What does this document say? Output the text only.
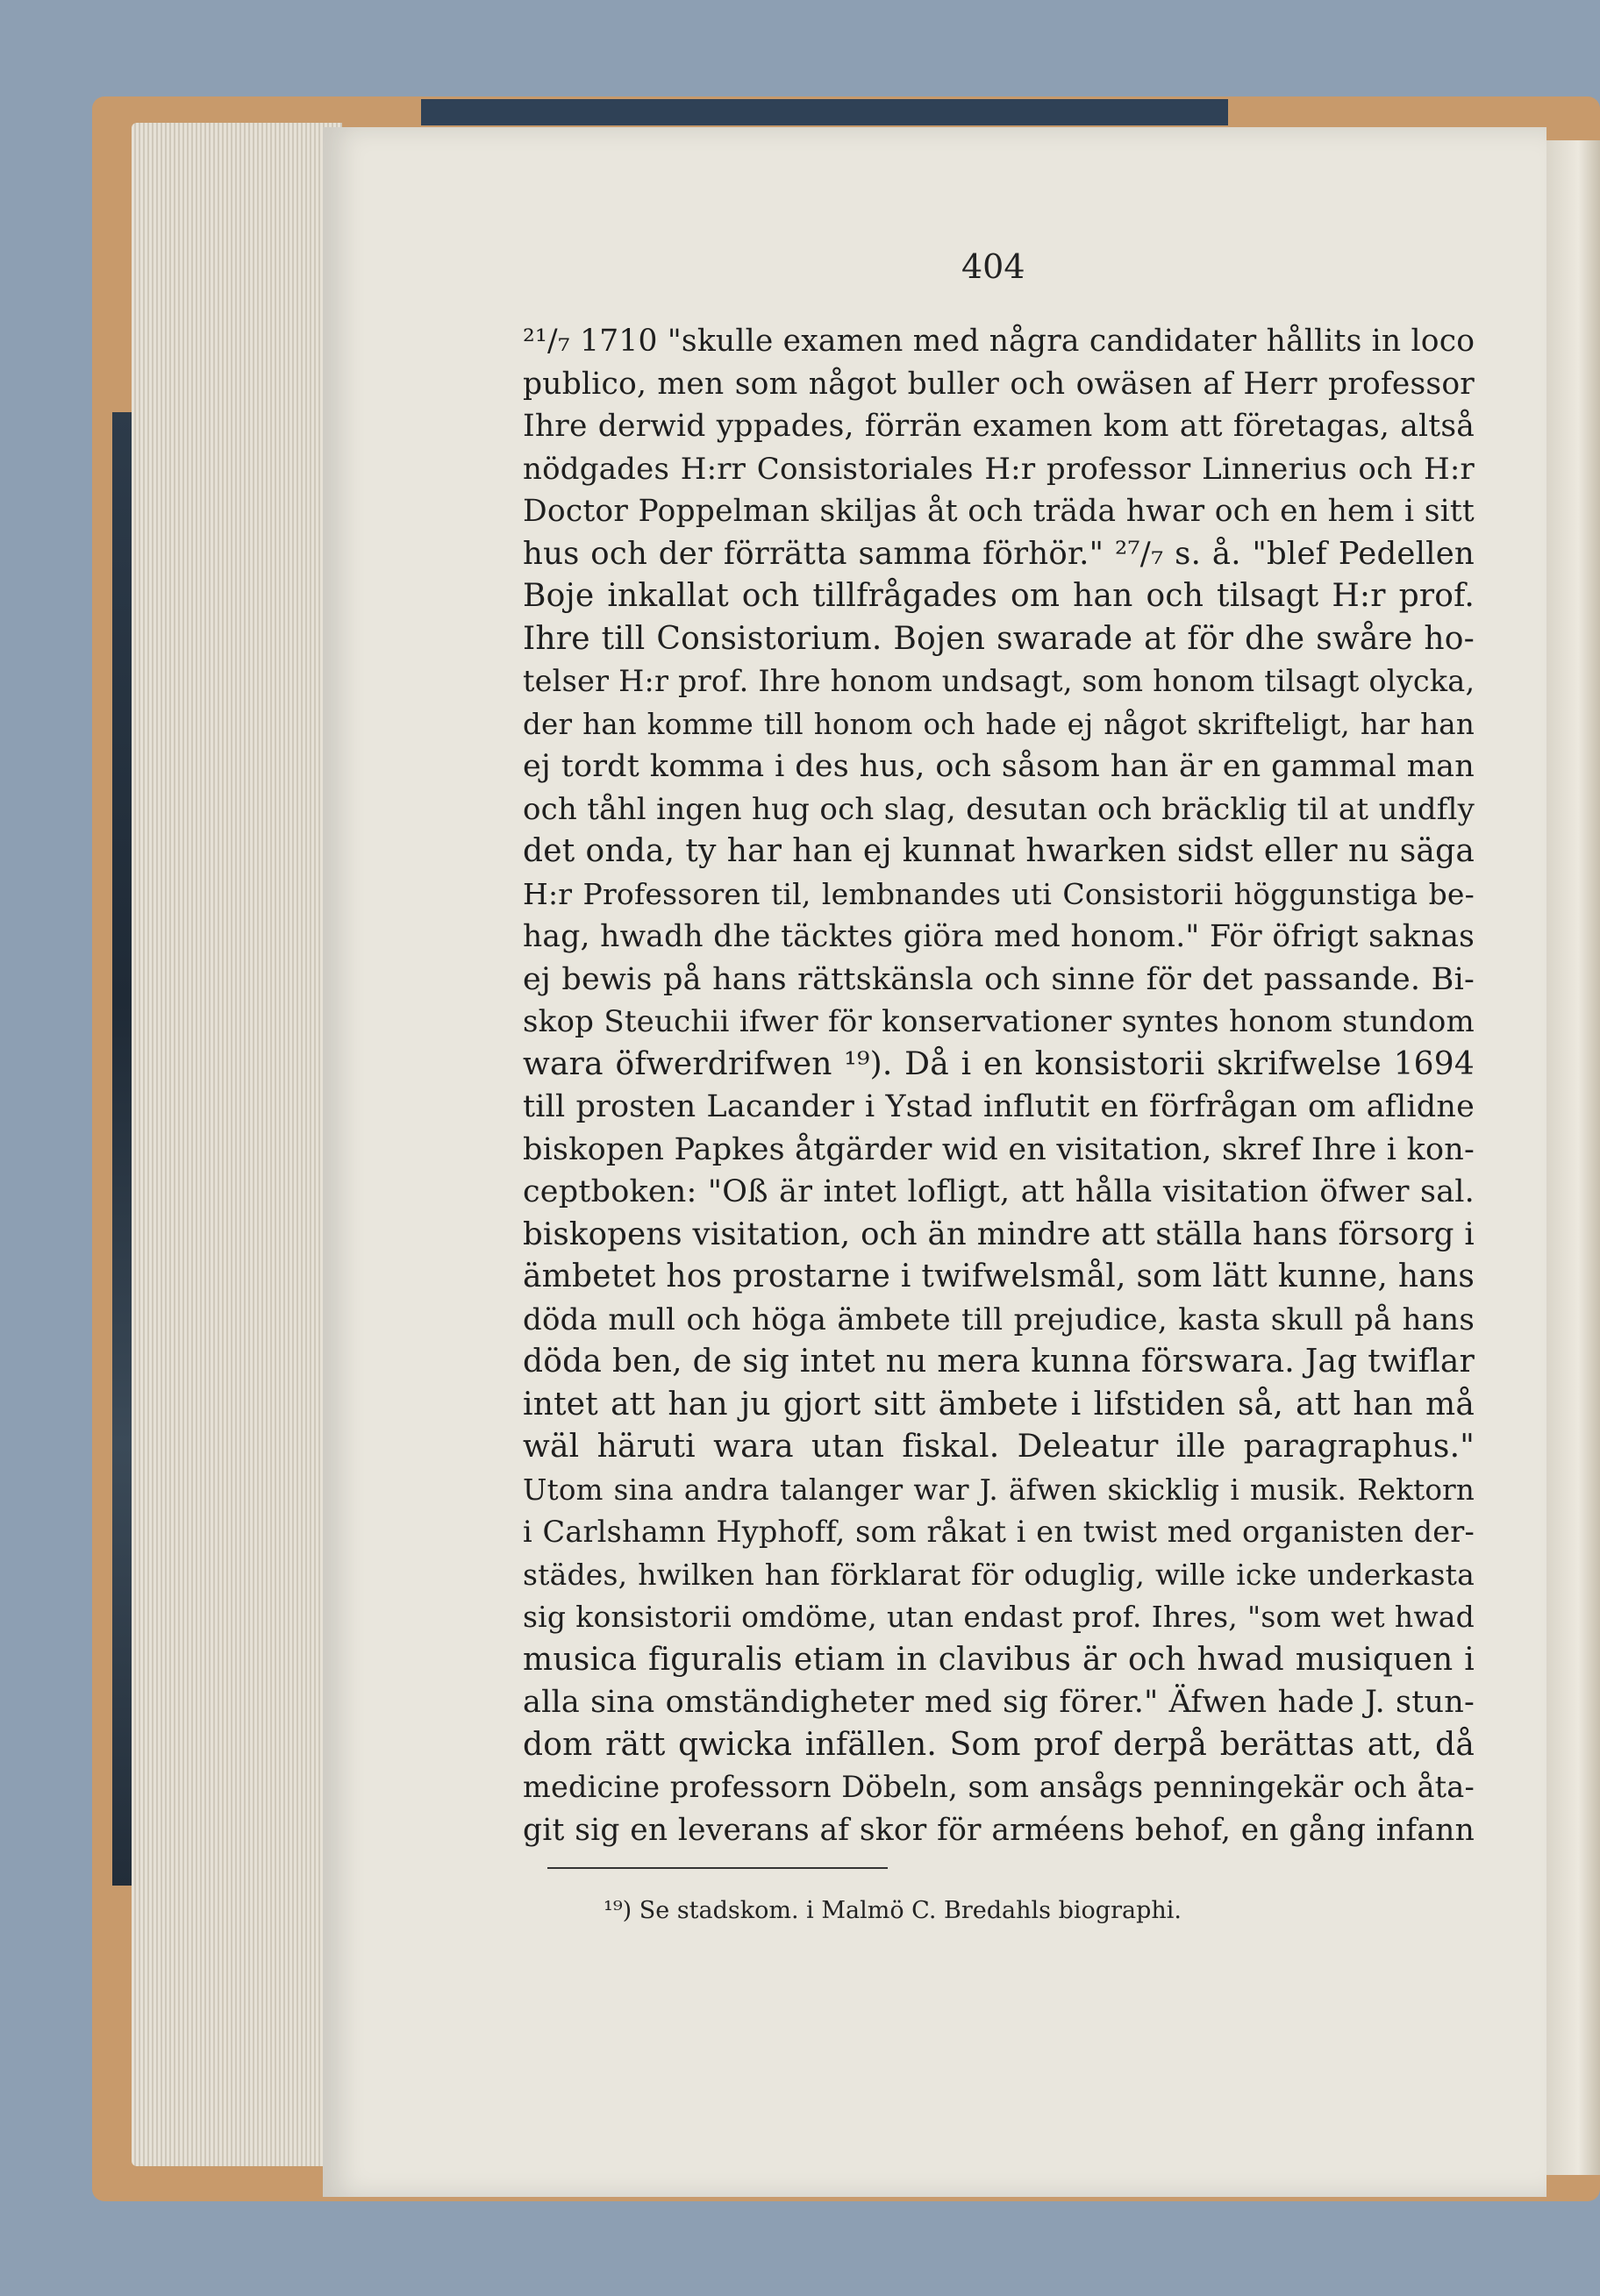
404
²¹/₇ 1710 "skulle examen med några candidater hållits in loco
publico, men som något buller och owäsen af Herr professor
Ihre derwid yppades, förrän examen kom att företagas, altså
nödgades H:rr Consistoriales H:r professor Linnerius och H:r
Doctor Poppelman skiljas åt och träda hwar och en hem i sitt
hus och der förrätta samma förhör." ²⁷/₇ s. å. "blef Pedellen
Boje inkallat och tillfrågades om han och tilsagt H:r prof.
Ihre till Consistorium. Bojen swarade at för dhe swåre ho-
telser H:r prof. Ihre honom undsagt, som honom tilsagt olycka,
der han komme till honom och hade ej något skrifteligt, har han
ej tordt komma i des hus, och såsom han är en gammal man
och tåhl ingen hug och slag, desutan och bräcklig til at undfly
det onda, ty har han ej kunnat hwarken sidst eller nu säga
H:r Professoren til, lembnandes uti Consistorii höggunstiga be-
hag, hwadh dhe täcktes giöra med honom." För öfrigt saknas
ej bewis på hans rättskänsla och sinne för det passande. Bi-
skop Steuchii ifwer för konservationer syntes honom stundom
wara öfwerdrifwen ¹⁹). Då i en konsistorii skrifwelse 1694
till prosten Lacander i Ystad influtit en förfrågan om aflidne
biskopen Papkes åtgärder wid en visitation, skref Ihre i kon-
ceptboken: "Oß är intet lofligt, att hålla visitation öfwer sal.
biskopens visitation, och än mindre att ställa hans försorg i
ämbetet hos prostarne i twifwelsmål, som lätt kunne, hans
döda mull och höga ämbete till prejudice, kasta skull på hans
döda ben, de sig intet nu mera kunna förswara. Jag twiflar
intet att han ju gjort sitt ämbete i lifstiden så, att han må
wäl häruti wara utan fiskal. Deleatur ille paragraphus."
Utom sina andra talanger war J. äfwen skicklig i musik. Rektorn
i Carlshamn Hyphoff, som råkat i en twist med organisten der-
städes, hwilken han förklarat för oduglig, wille icke underkasta
sig konsistorii omdöme, utan endast prof. Ihres, "som wet hwad
musica figuralis etiam in clavibus är och hwad musiquen i
alla sina omständigheter med sig förer." Äfwen hade J. stun-
dom rätt qwicka infällen. Som prof derpå berättas att, då
medicine professorn Döbeln, som ansågs penningekär och åta-
git sig en leverans af skor för arméens behof, en gång infann
¹⁹) Se stadskom. i Malmö C. Bredahls biographi.
